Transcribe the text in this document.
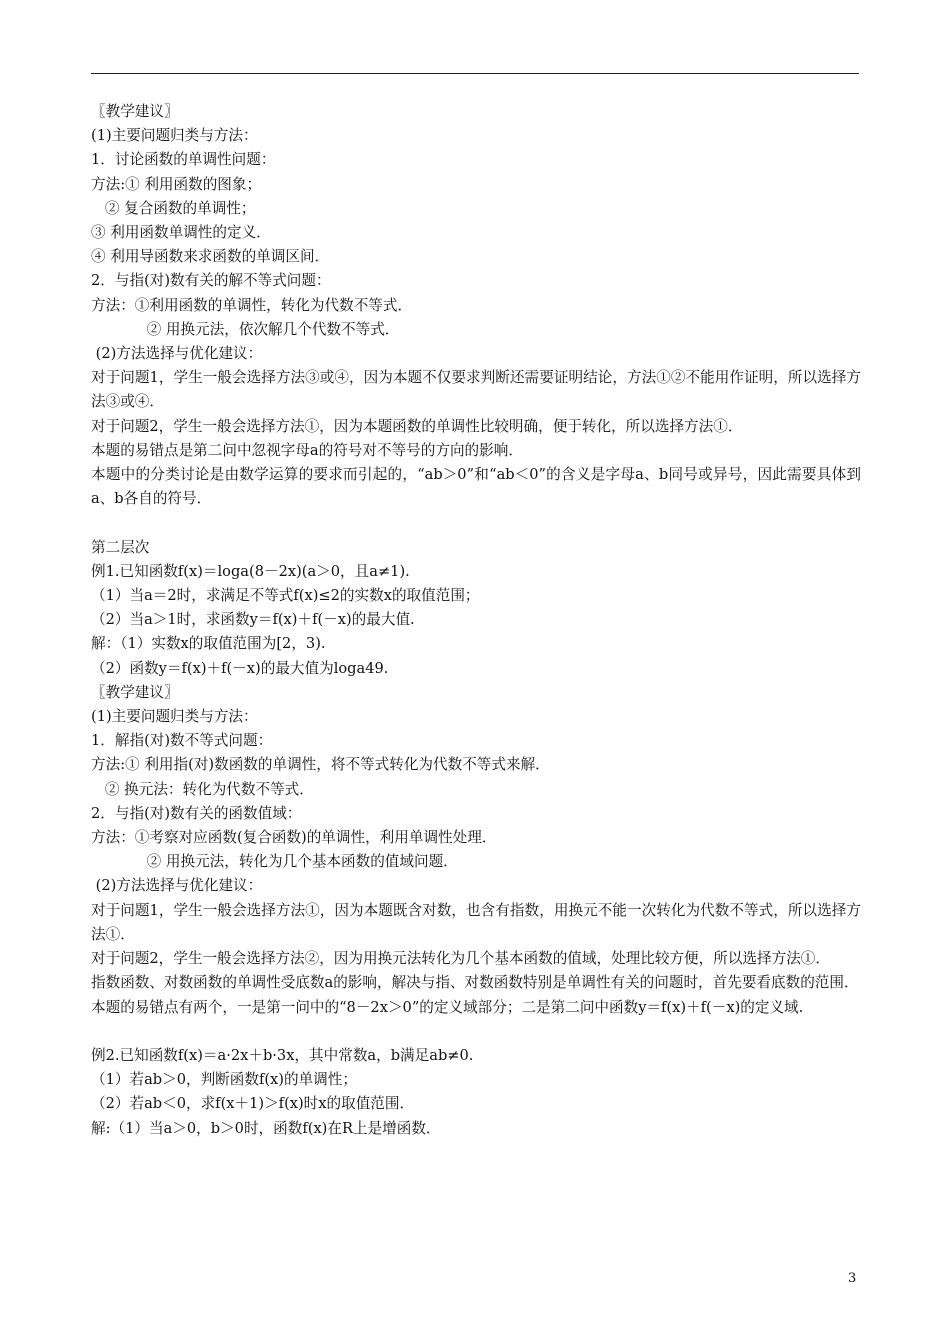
〖教学建议〗
(1)主要问题归类与方法：
1．讨论函数的单调性问题：
方法:① 利用函数的图象；
② 复合函数的单调性；
③ 利用函数单调性的定义．
④ 利用导函数来求函数的单调区间．
2．与指(对)数有关的解不等式问题：
方法：①利用函数的单调性，转化为代数不等式．
② 用换元法，依次解几个代数不等式．
(2)方法选择与优化建议：
对于问题1，学生一般会选择方法③或④，因为本题不仅要求判断还需要证明结论，方法①②不能用作证明，所以选择方法③或④．
对于问题2，学生一般会选择方法①，因为本题函数的单调性比较明确，便于转化，所以选择方法①．
本题的易错点是第二问中忽视字母a的符号对不等号的方向的影响．
本题中的分类讨论是由数学运算的要求而引起的，“ab＞0”和“ab＜0”的含义是字母a、b同号或异号，因此需要具体到a、b各自的符号．
第二层次
例1.已知函数f(x)＝loga(8－2x)(a＞0，且a≠1).
（1）当a＝2时，求满足不等式f(x)≤2的实数x的取值范围；
（2）当a＞1时，求函数y＝f(x)＋f(－x)的最大值.
解：（1）实数x的取值范围为[2，3).
（2）函数y＝f(x)＋f(－x)的最大值为loga49.
〖教学建议〗
(1)主要问题归类与方法：
1．解指(对)数不等式问题：
方法:① 利用指(对)数函数的单调性，将不等式转化为代数不等式来解．
② 换元法：转化为代数不等式．
2．与指(对)数有关的函数值域：
方法：①考察对应函数(复合函数)的单调性，利用单调性处理．
② 用换元法，转化为几个基本函数的值域问题．
(2)方法选择与优化建议：
对于问题1，学生一般会选择方法①，因为本题既含对数，也含有指数，用换元不能一次转化为代数不等式，所以选择方法①．
对于问题2，学生一般会选择方法②，因为用换元法转化为几个基本函数的值域，处理比较方便，所以选择方法①．
指数函数、对数函数的单调性受底数a的影响，解决与指、对数函数特别是单调性有关的问题时，首先要看底数的范围．
本题的易错点有两个，一是第一问中的“8－2x＞0”的定义域部分；二是第二问中函数y＝f(x)＋f(－x)的定义域.
例2.已知函数f(x)＝a·2x＋b·3x，其中常数a，b满足ab≠0.
（1）若ab＞0，判断函数f(x)的单调性；
（2）若ab＜0，求f(x＋1)＞f(x)时x的取值范围．
解:（1）当a＞0，b＞0时，函数f(x)在R上是增函数．
3
